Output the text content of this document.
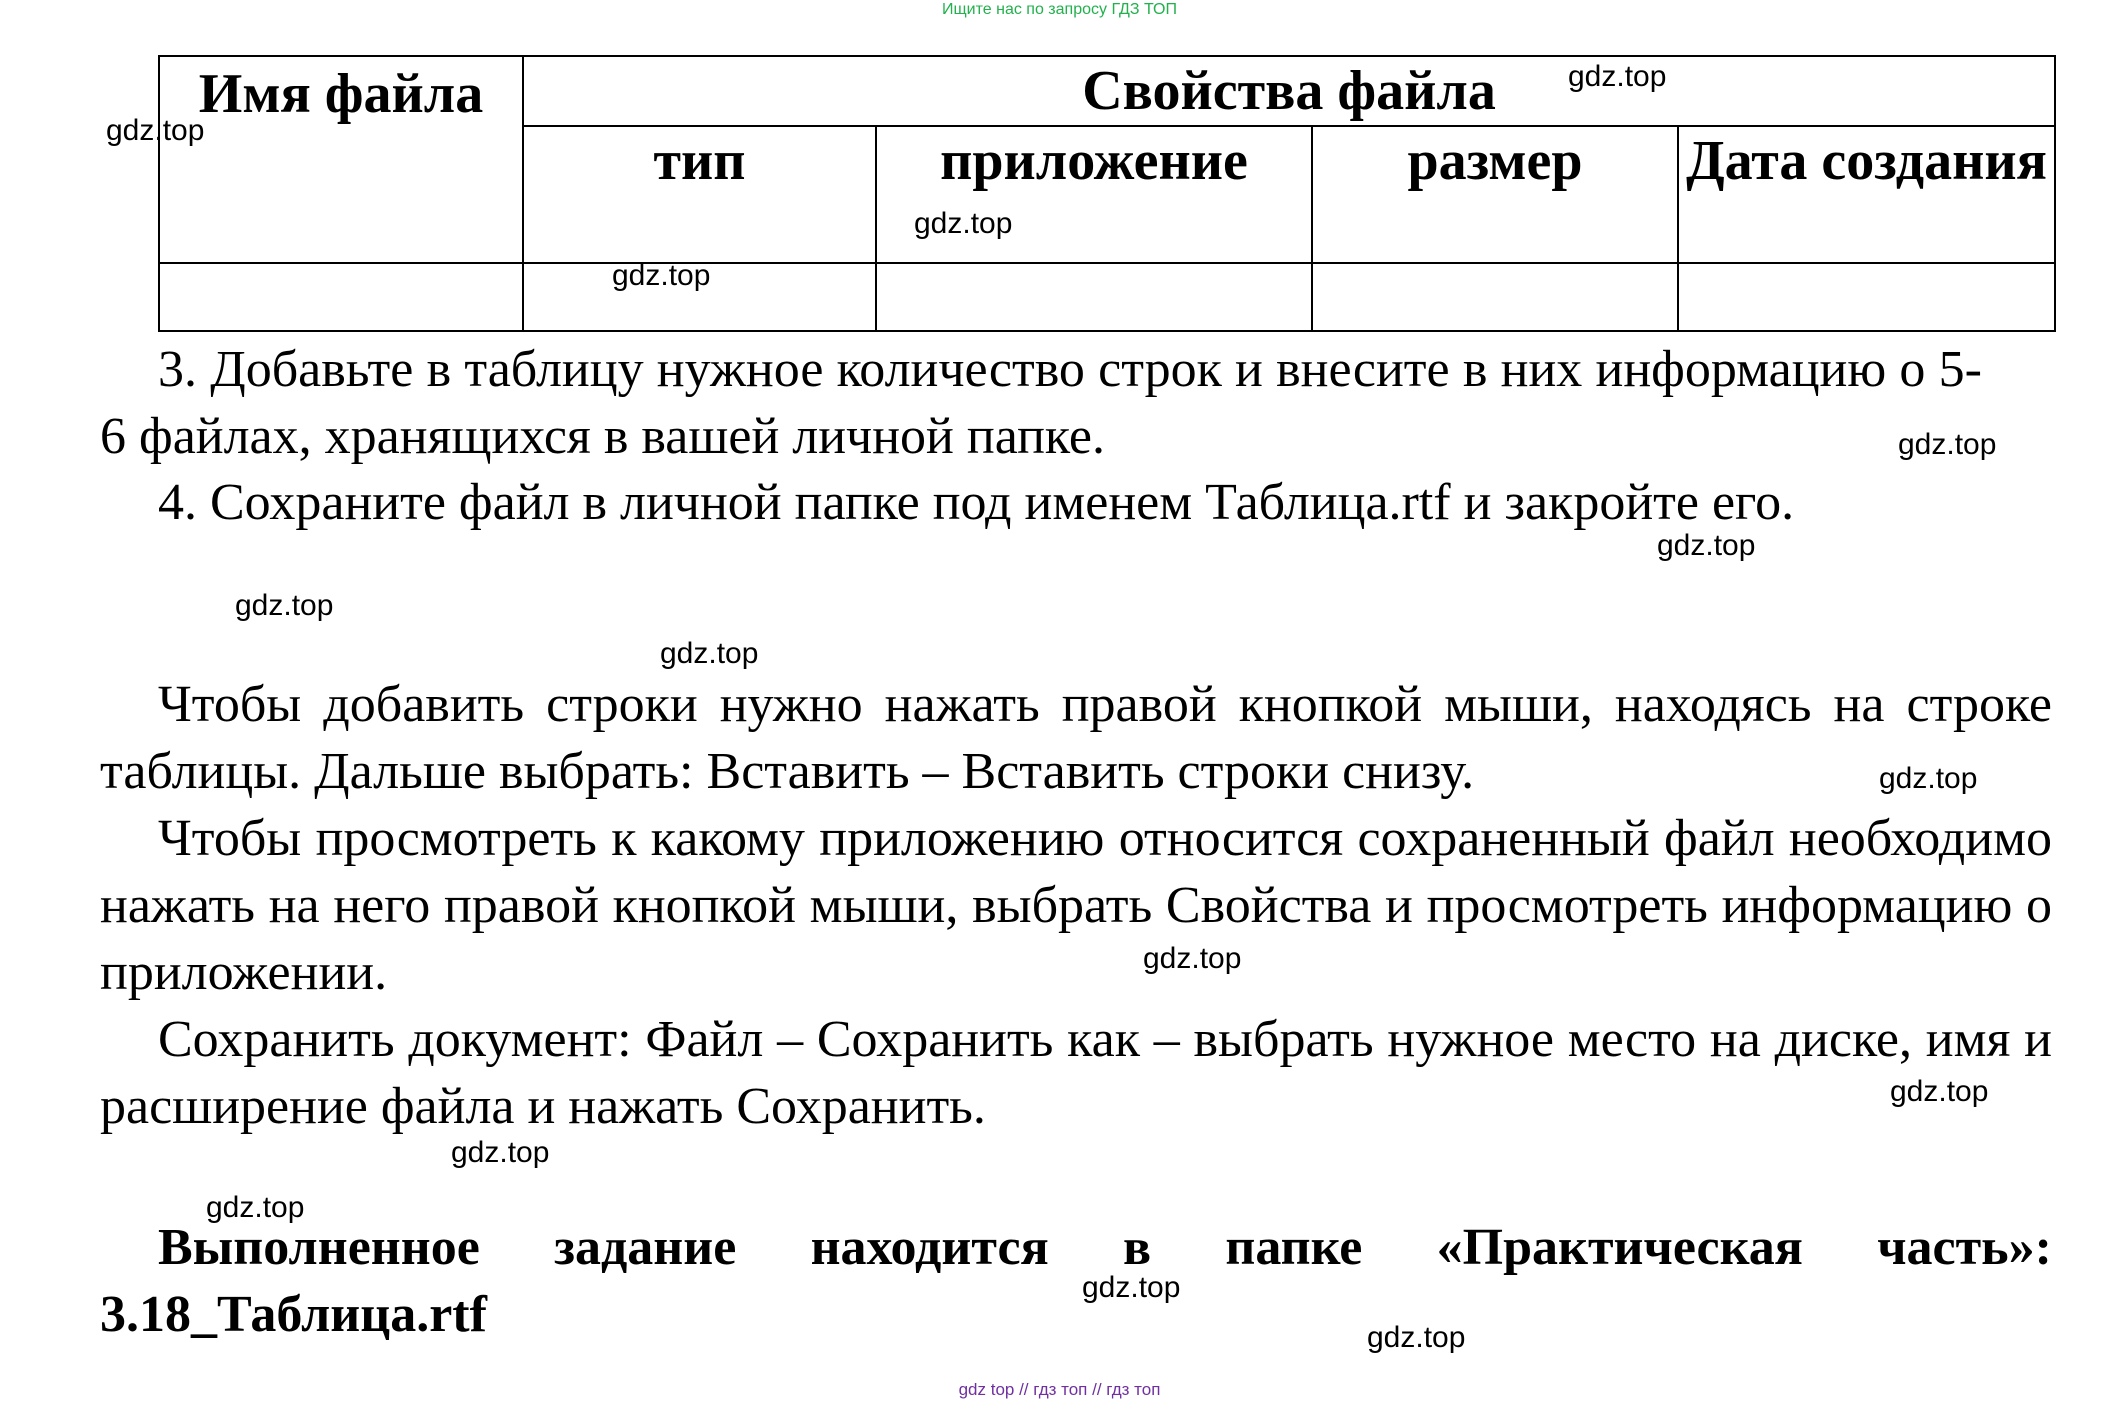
Ищите нас по запросу ГДЗ ТОП
Имя файла	Свойства файла			
	тип	приложение	размер	Дата создания

3. Добавьте в таблицу нужное количество строк и внесите в них информацию о 5-6 файлах, хранящихся в вашей личной папке.
4. Сохраните файл в личной папке под именем Таблица.rtf и закройте его.
Чтобы добавить строки нужно нажать правой кнопкой мыши, находясь на строке таблицы. Дальше выбрать: Вставить – Вставить строки снизу.
Чтобы просмотреть к какому приложению относится сохраненный файл необходимо нажать на него правой кнопкой мыши, выбрать Свойства и просмотреть информацию о приложении.
Сохранить документ: Файл – Сохранить как – выбрать нужное место на диске, имя и расширение файла и нажать Сохранить.
Выполненное задание находится в папке «Практическая часть»: 3.18_Таблица.rtf
gdz.top
gdz.top
gdz.top
gdz.top
gdz.top
gdz.top
gdz.top
gdz.top
gdz.top
gdz.top
gdz.top
gdz.top
gdz.top
gdz.top
gdz.top
gdz top // гдз топ // гдз топ
